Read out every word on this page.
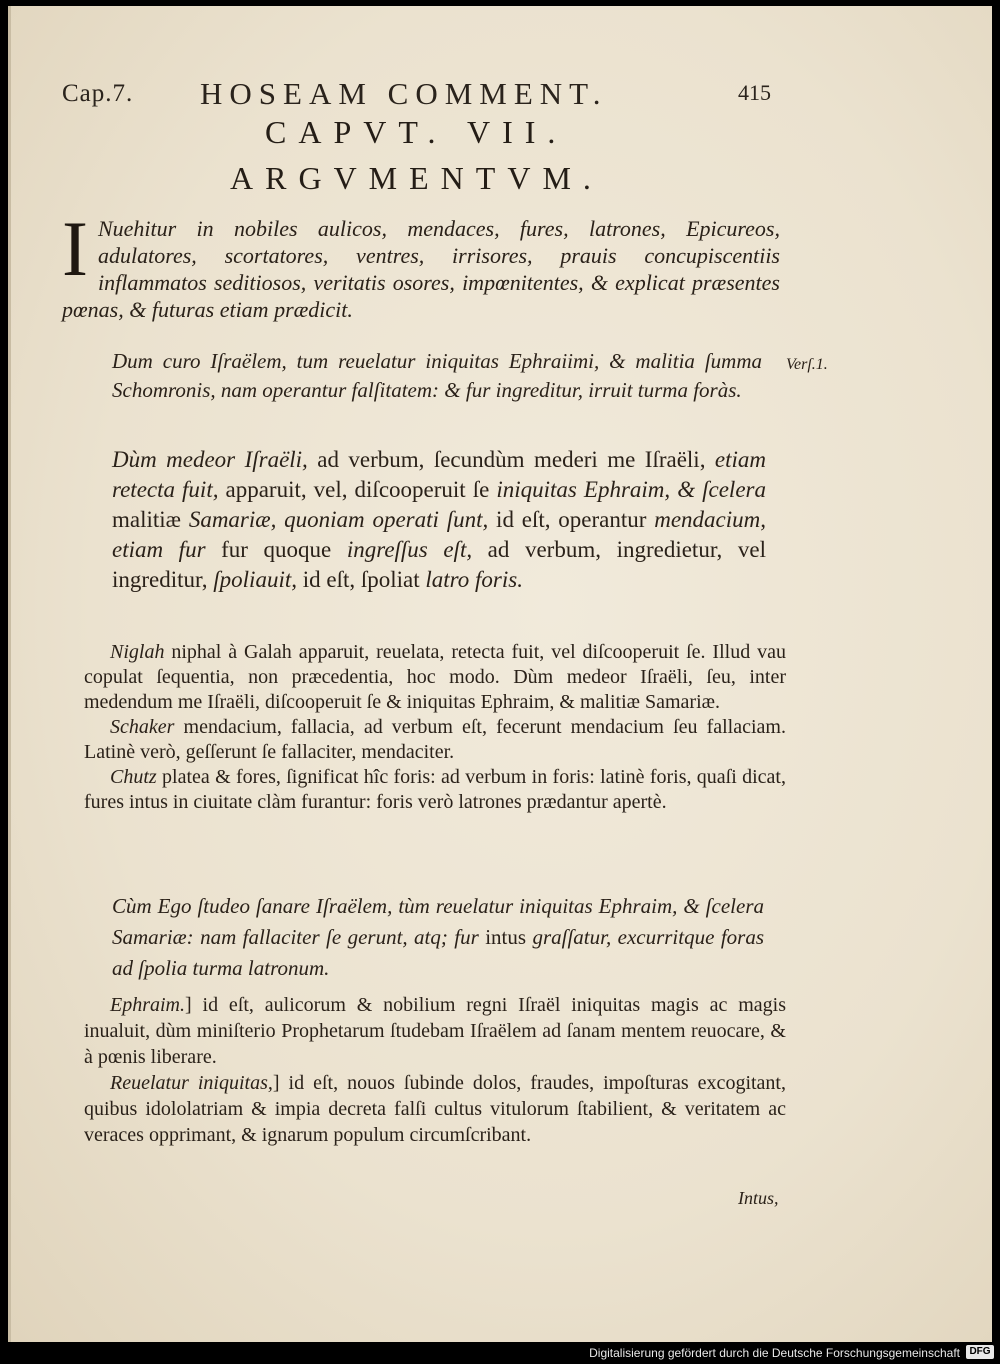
Cap.7. HOSEAM COMMENT.	415
CAPVT. VII.
ARGVMENTVM.
I Nuehitur in nobiles aulicos, mendaces, fures, latrones, Epicureos, adulatores, scortatores, ventres, irrisores, prauis concupiscentiis inflammatos seditiosos, veritatis osores, impœnitentes, & explicat præsentes pœnas, & futuras etiam prædicit.
Verſ.1.
Dum curo Iſraëlem, tum reuelatur iniquitas Ephraiimi, & malitia ſumma Schomronis, nam operantur falſitatem: & fur ingreditur, irruit turma foràs.
Dùm medeor Iſraëli, ad verbum, ſecundùm mederi me Iſraëli, etiam retecta fuit, apparuit, vel, diſcooperuit ſe iniquitas Ephraim, & ſcelera malitiæ Samariæ, quoniam operati ſunt, id eſt, operantur mendacium, etiam fur fur quoque ingreſſus eſt, ad verbum, ingredietur, vel ingreditur, ſpoliauit, id eſt, ſpoliat latro foris.
Niglah niphal à Galah apparuit, reuelata, retecta fuit, vel diſcooperuit ſe. Illud vau copulat ſequentia, non præcedentia, hoc modo. Dùm medeor Iſraëli, ſeu, inter medendum me Iſraëli, diſcooperuit ſe & iniquitas Ephraim, & malitiæ Samariæ.
Schaker mendacium, fallacia, ad verbum eſt, fecerunt mendacium ſeu fallaciam. Latinè verò, geſſerunt ſe fallaciter, mendaciter.
Chutz platea & fores, ſignificat hîc foris: ad verbum in foris: latinè foris, quaſi dicat, fures intus in ciuitate clàm furantur: foris verò latrones prædantur apertè.
Cùm Ego ſtudeo ſanare Iſraëlem, tùm reuelatur iniquitas Ephraim, & ſcelera Samariæ: nam fallaciter ſe gerunt, atq; fur intus graſſatur, excurritque foras ad ſpolia turma latronum.
Ephraim.] id eſt, aulicorum & nobilium regni Iſraël iniquitas magis ac magis inualuit, dùm miniſterio Prophetarum ſtudebam Iſraëlem ad ſanam mentem reuocare, & à pœnis liberare.
Reuelatur iniquitas,] id eſt, nouos ſubinde dolos, fraudes, impoſturas excogitant, quibus idololatriam & impia decreta falſi cultus vitulorum ſtabilient, & veritatem ac veraces opprimant, & ignarum populum circumſcribant.
Intus,
Digitalisierung gefördert durch die Deutsche Forschungsgemeinschaft DFG
